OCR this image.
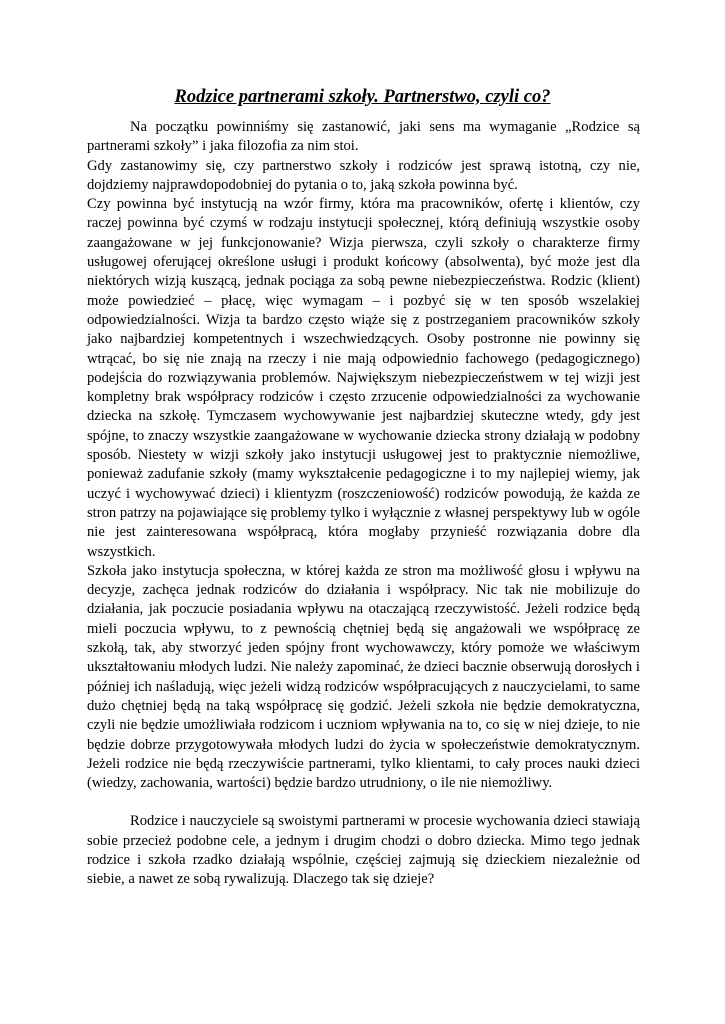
Rodzice partnerami szkoły. Partnerstwo, czyli co?

Na początku powinniśmy się zastanowić, jaki sens ma wymaganie „Rodzice są partnerami szkoły” i jaka filozofia za nim stoi.

Gdy zastanowimy się, czy partnerstwo szkoły i rodziców jest sprawą istotną, czy nie, dojdziemy najprawdopodobniej do pytania o to, jaką szkoła powinna być.

Czy powinna być instytucją na wzór firmy, która ma pracowników, ofertę i klientów, czy raczej powinna być czymś w rodzaju instytucji społecznej, którą definiują wszystkie osoby zaangażowane w jej funkcjonowanie? Wizja pierwsza, czyli szkoły o charakterze firmy usługowej oferującej określone usługi i produkt końcowy (absolwenta), być może jest dla niektórych wizją kuszącą, jednak pociąga za sobą pewne niebezpieczeństwa. Rodzic (klient) może powiedzieć – płacę, więc wymagam – i pozbyć się w ten sposób wszelakiej odpowiedzialności. Wizja ta bardzo często wiąże się z postrzeganiem pracowników szkoły jako najbardziej kompetentnych i wszechwiedzących. Osoby postronne nie powinny się wtrącać, bo się nie znają na rzeczy i nie mają odpowiednio fachowego (pedagogicznego) podejścia do rozwiązywania problemów. Największym niebezpieczeństwem w tej wizji jest kompletny brak współpracy rodziców i często zrzucenie odpowiedzialności za wychowanie dziecka na szkołę. Tymczasem wychowywanie jest najbardziej skuteczne wtedy, gdy jest spójne, to znaczy wszystkie zaangażowane w wychowanie dziecka strony działają w podobny sposób. Niestety w wizji szkoły jako instytucji usługowej jest to praktycznie niemożliwe, ponieważ zadufanie szkoły (mamy wykształcenie pedagogiczne i to my najlepiej wiemy, jak uczyć i wychowywać dzieci) i klientyzm (roszczeniowość) rodziców powodują, że każda ze stron patrzy na pojawiające się problemy tylko i wyłącznie z własnej perspektywy lub w ogóle nie jest zainteresowana współpracą, która mogłaby przynieść rozwiązania dobre dla wszystkich.

Szkoła jako instytucja społeczna, w której każda ze stron ma możliwość głosu i wpływu na decyzje, zachęca jednak rodziców do działania i współpracy. Nic tak nie mobilizuje do działania, jak poczucie posiadania wpływu na otaczającą rzeczywistość. Jeżeli rodzice będą mieli poczucia wpływu, to z pewnością chętniej będą się angażowali we współpracę ze szkołą, tak, aby stworzyć jeden spójny front wychowawczy, który pomoże we właściwym ukształtowaniu młodych ludzi. Nie należy zapominać, że dzieci bacznie obserwują dorosłych i później ich naśladują, więc jeżeli widzą rodziców współpracujących z nauczycielami, to same dużo chętniej będą na taką współpracę się godzić. Jeżeli szkoła nie będzie demokratyczna, czyli nie będzie umożliwiała rodzicom i uczniom wpływania na to, co się w niej dzieje, to nie będzie dobrze przygotowywała młodych ludzi do życia w społeczeństwie demokratycznym. Jeżeli rodzice nie będą rzeczywiście partnerami, tylko klientami, to cały proces nauki dzieci (wiedzy, zachowania, wartości) będzie bardzo utrudniony, o ile nie niemożliwy.

Rodzice i nauczyciele są swoistymi partnerami w procesie wychowania dzieci stawiają sobie przecież podobne cele, a jednym i drugim chodzi o dobro dziecka. Mimo tego jednak rodzice i szkoła rzadko działają wspólnie, częściej zajmują się dzieckiem niezależnie od siebie, a nawet ze sobą rywalizują. Dlaczego tak się dzieje?
